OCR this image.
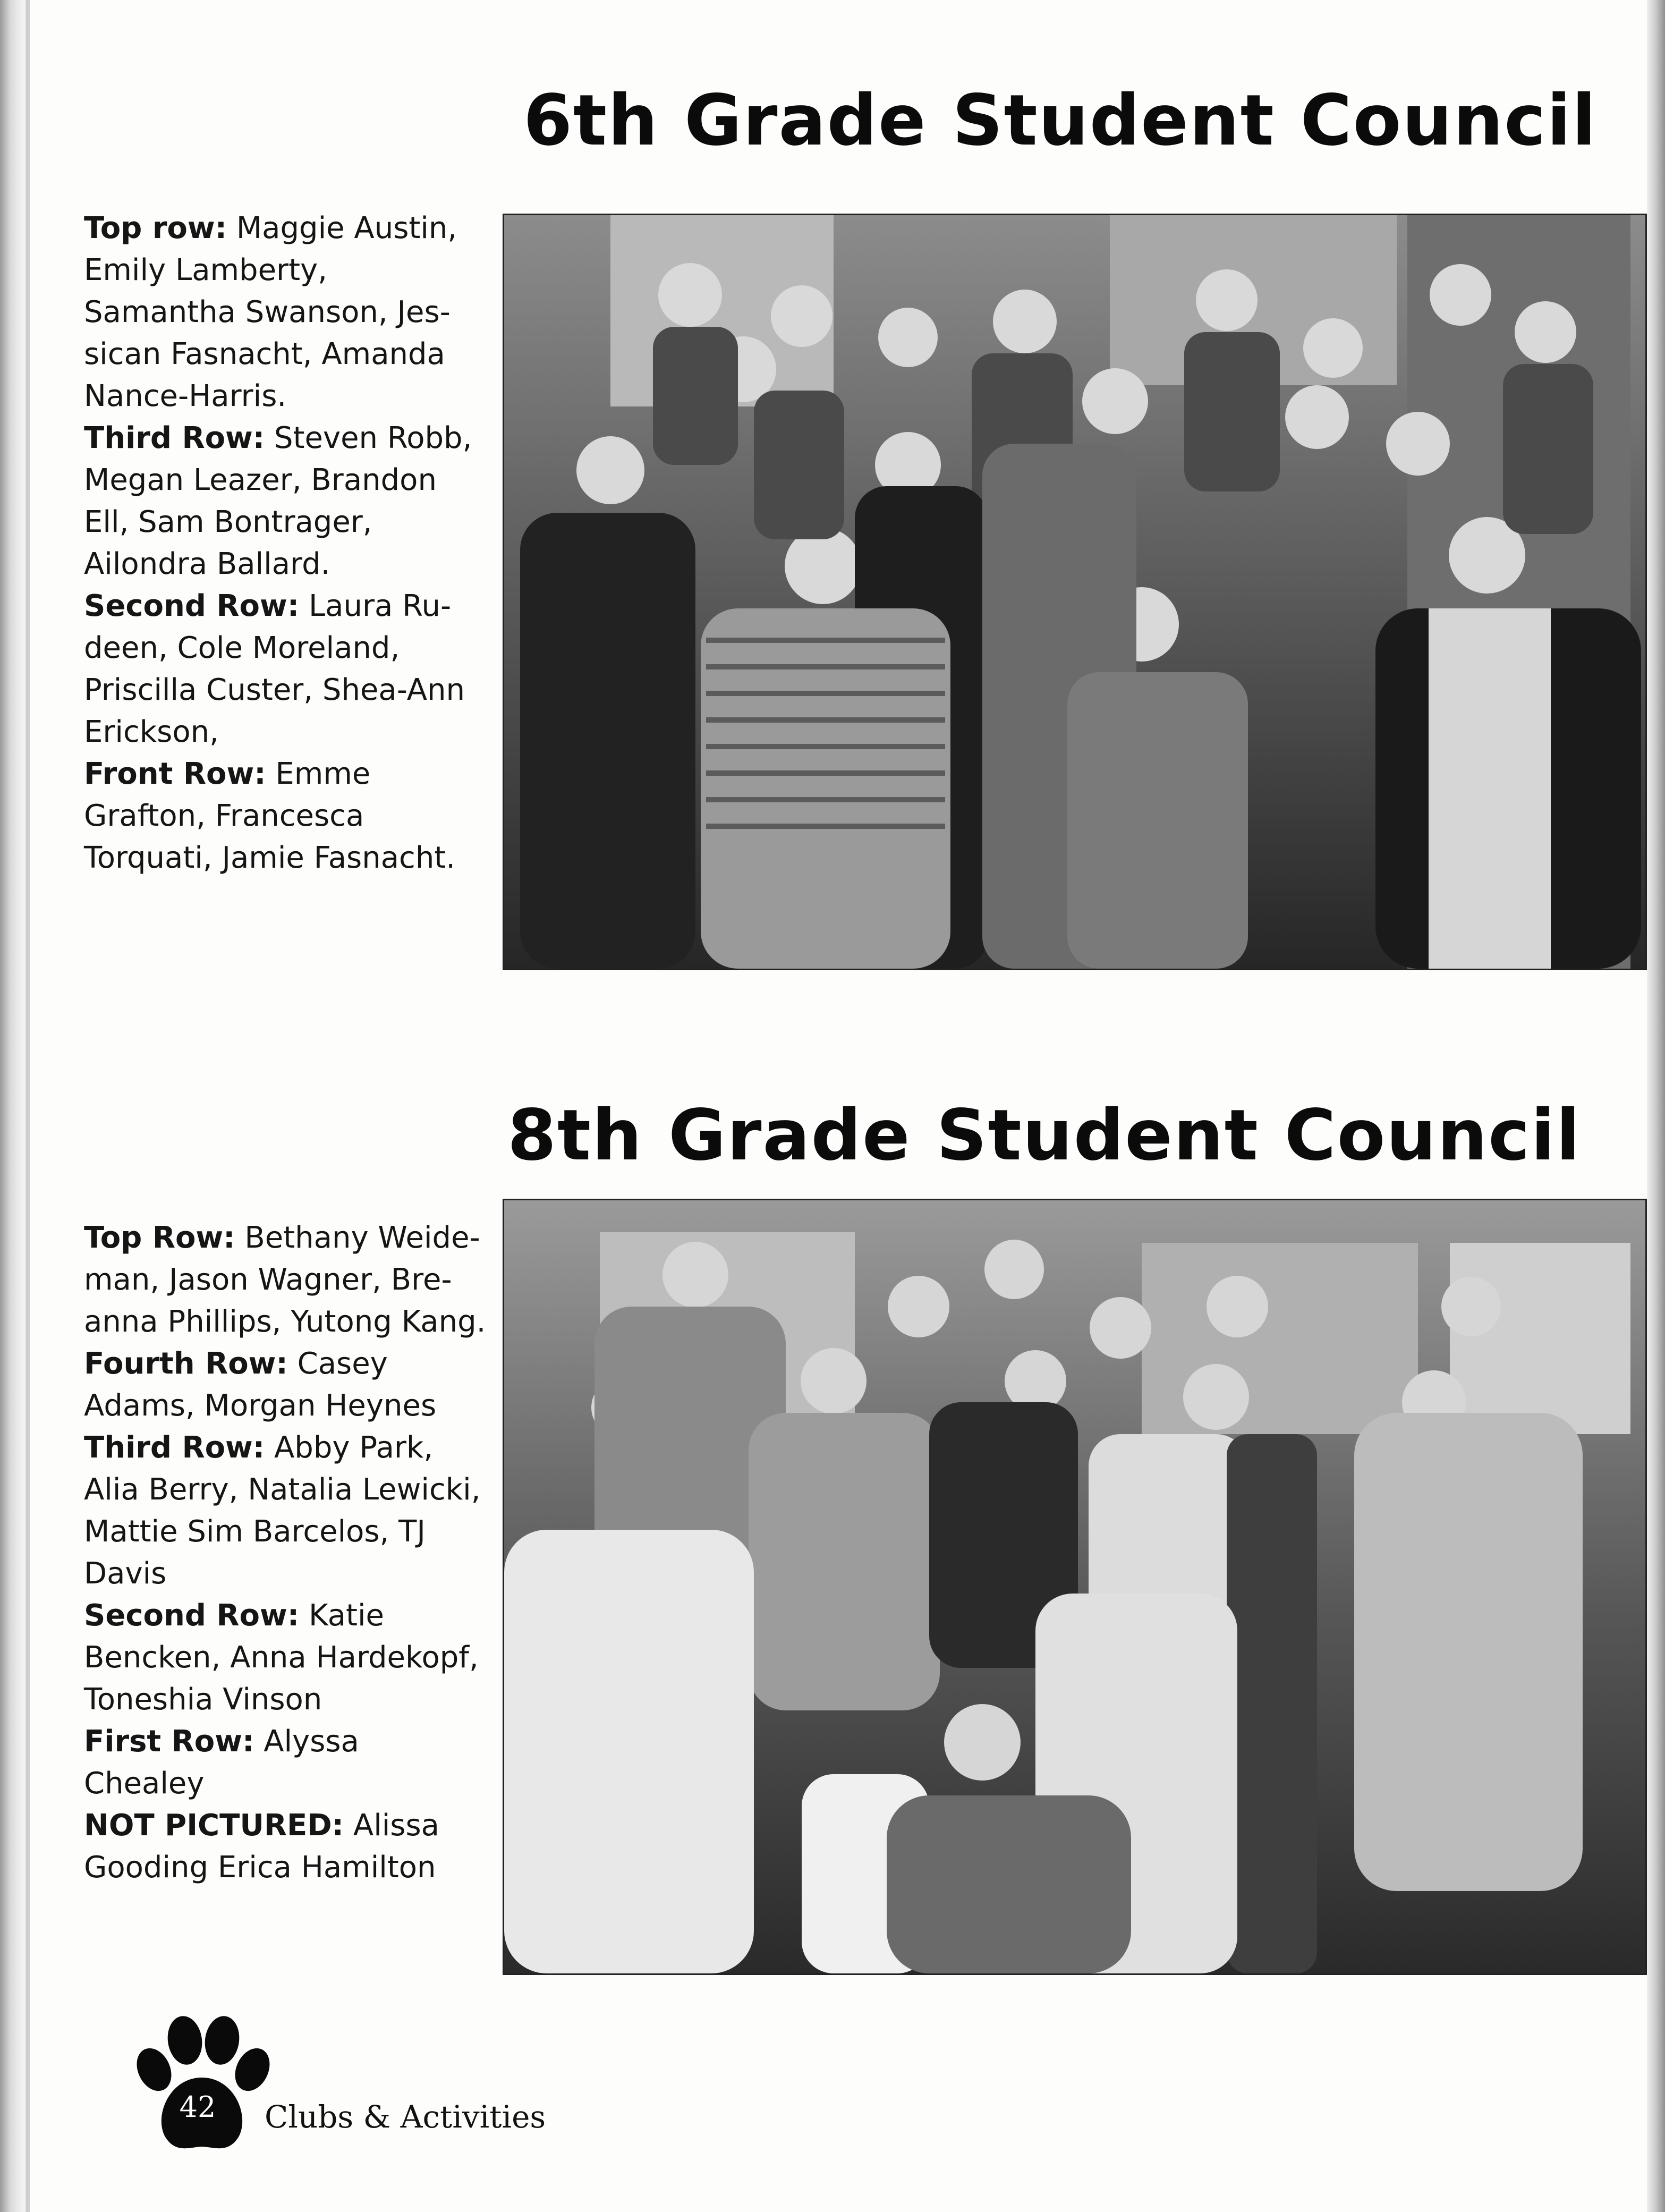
6th Grade Student Council
Top row: Maggie Austin, Emily Lamberty, Samantha Swanson, Jes-sican Fasnacht, Amanda Nance-Harris.
Third Row: Steven Robb, Megan Leazer, Brandon Ell, Sam Bontrager, Ailondra Ballard.
Second Row: Laura Ru-deen, Cole Moreland, Priscilla Custer, Shea-Ann Erickson,
Front Row: Emme Grafton, Francesca Torquati, Jamie Fasnacht.
8th Grade Student Council
Top Row: Bethany Weide-man, Jason Wagner, Bre-anna Phillips, Yutong Kang.
Fourth Row: Casey Adams, Morgan Heynes
Third Row: Abby Park, Alia Berry, Natalia Lewicki, Mattie Sim Barcelos, TJ Davis
Second Row: Katie Bencken, Anna Hardekopf, Toneshia Vinson
First Row: Alyssa Chealey
NOT PICTURED: Alissa Gooding Erica Hamilton
42	Clubs & Activities
